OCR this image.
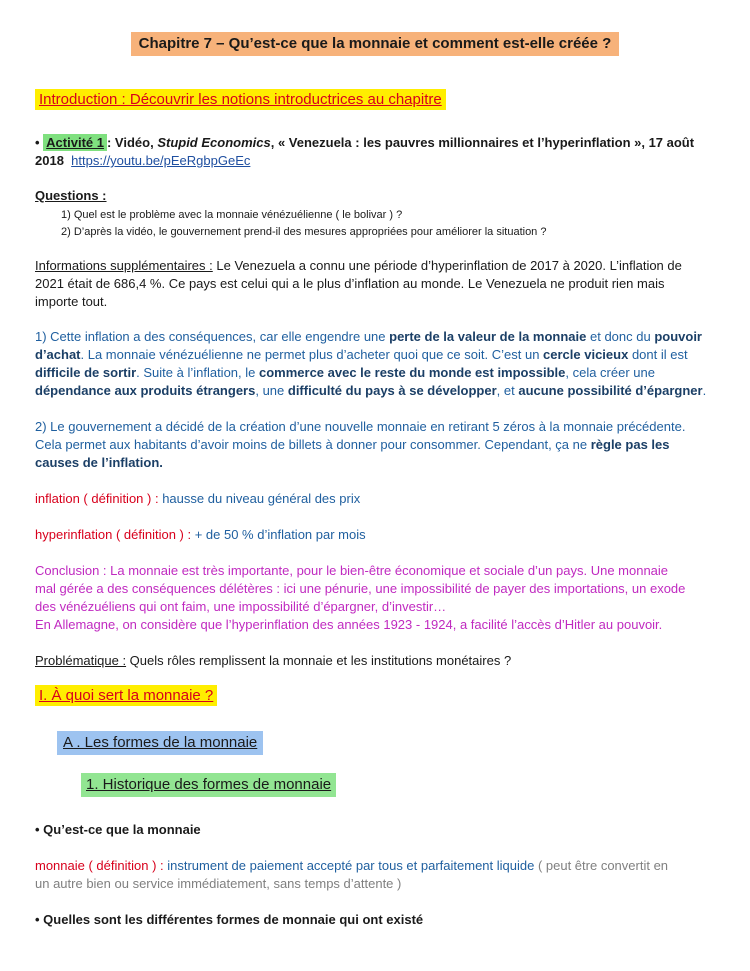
Chapitre 7 – Qu’est-ce que la monnaie et comment est-elle créée ?
Introduction : Découvrir les notions introductrices au chapitre
• Activité 1 : Vidéo, Stupid Economics, « Venezuela : les pauvres millionnaires et l’hyperinflation », 17 août
2018 https://youtu.be/pEeRgbpGeEc
Questions :
1) Quel est le problème avec la monnaie vénézuélienne ( le bolivar ) ?
2) D’après la vidéo, le gouvernement prend-il des mesures appropriées pour améliorer la situation ?
Informations supplémentaires : Le Venezuela a connu une période d’hyperinflation de 2017 à 2020. L’inflation de
2021 était de 686,4 %. Ce pays est celui qui a le plus d’inflation au monde. Le Venezuela ne produit rien mais
importe tout.
1) Cette inflation a des conséquences, car elle engendre une perte de la valeur de la monnaie et donc du pouvoir
d’achat. La monnaie vénézuélienne ne permet plus d’acheter quoi que ce soit. C’est un cercle vicieux dont il est
difficile de sortir. Suite à l’inflation, le commerce avec le reste du monde est impossible, cela créer une
dépendance aux produits étrangers, une difficulté du pays à se développer, et aucune possibilité d’épargner.
2) Le gouvernement a décidé de la création d’une nouvelle monnaie en retirant 5 zéros à la monnaie précédente.
Cela permet aux habitants d’avoir moins de billets à donner pour consommer. Cependant, ça ne règle pas les
causes de l’inflation.
inflation ( définition ) : hausse du niveau général des prix
hyperinflation ( définition ) : + de 50 % d’inflation par mois
Conclusion : La monnaie est très importante, pour le bien-être économique et sociale d’un pays. Une monnaie
mal gérée a des conséquences délétères : ici une pénurie, une impossibilité de payer des importations, un exode
des vénézuéliens qui ont faim, une impossibilité d’épargner, d’investir…
En Allemagne, on considère que l’hyperinflation des années 1923 - 1924, a facilité l’accès d’Hitler au pouvoir.
Problématique : Quels rôles remplissent la monnaie et les institutions monétaires ?
I. À quoi sert la monnaie ?
A . Les formes de la monnaie
1. Historique des formes de monnaie
• Qu’est-ce que la monnaie
monnaie ( définition ) : instrument de paiement accepté par tous et parfaitement liquide ( peut être convertit en
un autre bien ou service immédiatement, sans temps d’attente )
• Quelles sont les différentes formes de monnaie qui ont existé
